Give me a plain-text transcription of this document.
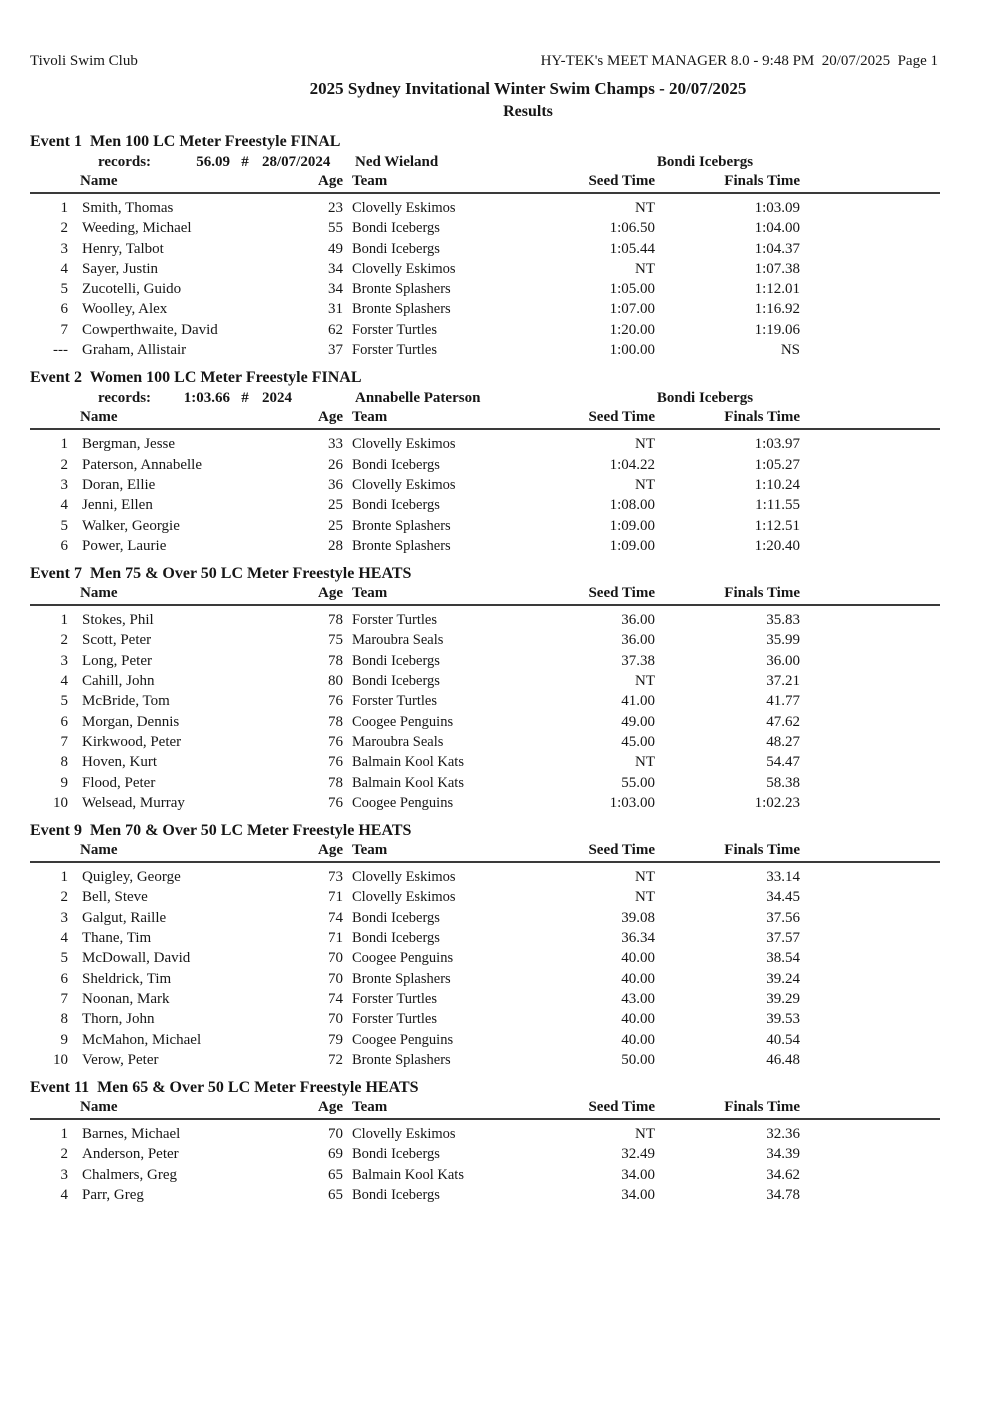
Tivoli Swim Club	HY-TEK's MEET MANAGER 8.0 - 9:48 PM  20/07/2025  Page 1
2025 Sydney Invitational Winter Swim Champs - 20/07/2025
Results
Event 1  Men 100 LC Meter Freestyle FINAL
records:	56.09 # 28/07/2024	Ned Wieland	Bondi Icebergs
	Name	Age	Team	Seed Time	Finals Time	
1	Smith, Thomas	23	Clovelly Eskimos	NT	1:03.09	
2	Weeding, Michael	55	Bondi Icebergs	1:06.50	1:04.00	
3	Henry, Talbot	49	Bondi Icebergs	1:05.44	1:04.37	
4	Sayer, Justin	34	Clovelly Eskimos	NT	1:07.38	
5	Zucotelli, Guido	34	Bronte Splashers	1:05.00	1:12.01	
6	Woolley, Alex	31	Bronte Splashers	1:07.00	1:16.92	
7	Cowperthwaite, David	62	Forster Turtles	1:20.00	1:19.06	
---	Graham, Allistair	37	Forster Turtles	1:00.00	NS	
Event 2  Women 100 LC Meter Freestyle FINAL
records:	1:03.66 # 2024	Annabelle Paterson	Bondi Icebergs
	Name	Age	Team	Seed Time	Finals Time	
1	Bergman, Jesse	33	Clovelly Eskimos	NT	1:03.97	
2	Paterson, Annabelle	26	Bondi Icebergs	1:04.22	1:05.27	
3	Doran, Ellie	36	Clovelly Eskimos	NT	1:10.24	
4	Jenni, Ellen	25	Bondi Icebergs	1:08.00	1:11.55	
5	Walker, Georgie	25	Bronte Splashers	1:09.00	1:12.51	
6	Power, Laurie	28	Bronte Splashers	1:09.00	1:20.40	
Event 7  Men 75 & Over 50 LC Meter Freestyle HEATS
	Name	Age	Team	Seed Time	Finals Time	
1	Stokes, Phil	78	Forster Turtles	36.00	35.83	
2	Scott, Peter	75	Maroubra Seals	36.00	35.99	
3	Long, Peter	78	Bondi Icebergs	37.38	36.00	
4	Cahill, John	80	Bondi Icebergs	NT	37.21	
5	McBride, Tom	76	Forster Turtles	41.00	41.77	
6	Morgan, Dennis	78	Coogee Penguins	49.00	47.62	
7	Kirkwood, Peter	76	Maroubra Seals	45.00	48.27	
8	Hoven, Kurt	76	Balmain Kool Kats	NT	54.47	
9	Flood, Peter	78	Balmain Kool Kats	55.00	58.38	
10	Welsead, Murray	76	Coogee Penguins	1:03.00	1:02.23	
Event 9  Men 70 & Over 50 LC Meter Freestyle HEATS
	Name	Age	Team	Seed Time	Finals Time	
1	Quigley, George	73	Clovelly Eskimos	NT	33.14	
2	Bell, Steve	71	Clovelly Eskimos	NT	34.45	
3	Galgut, Raille	74	Bondi Icebergs	39.08	37.56	
4	Thane, Tim	71	Bondi Icebergs	36.34	37.57	
5	McDowall, David	70	Coogee Penguins	40.00	38.54	
6	Sheldrick, Tim	70	Bronte Splashers	40.00	39.24	
7	Noonan, Mark	74	Forster Turtles	43.00	39.29	
8	Thorn, John	70	Forster Turtles	40.00	39.53	
9	McMahon, Michael	79	Coogee Penguins	40.00	40.54	
10	Verow, Peter	72	Bronte Splashers	50.00	46.48	
Event 11  Men 65 & Over 50 LC Meter Freestyle HEATS
	Name	Age	Team	Seed Time	Finals Time	
1	Barnes, Michael	70	Clovelly Eskimos	NT	32.36	
2	Anderson, Peter	69	Bondi Icebergs	32.49	34.39	
3	Chalmers, Greg	65	Balmain Kool Kats	34.00	34.62	
4	Parr, Greg	65	Bondi Icebergs	34.00	34.78	
